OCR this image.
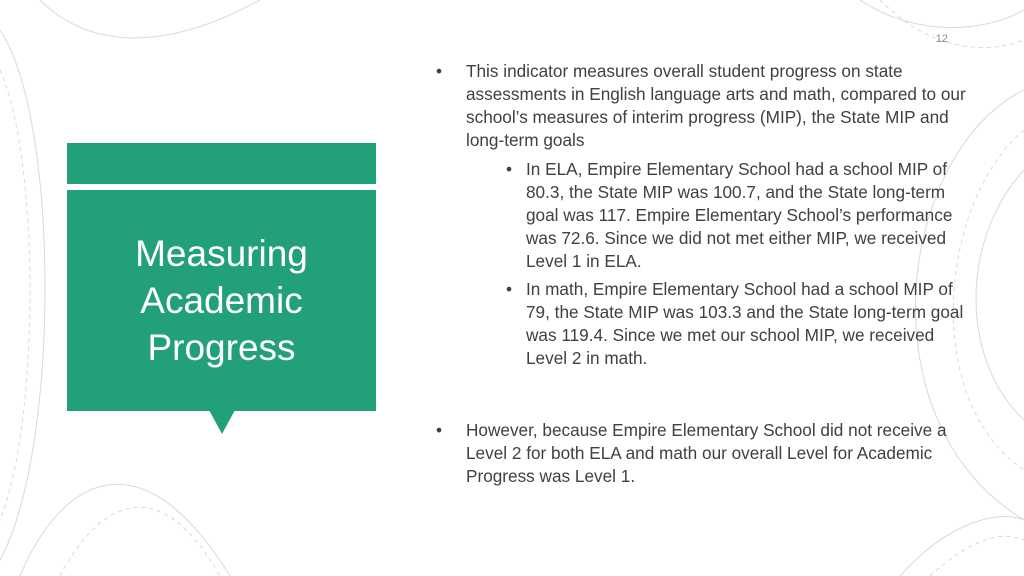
12
Measuring Academic Progress
• This indicator measures overall student progress on state assessments in English language arts and math, compared to our school’s measures of interim progress (MIP), the State MIP and long-term goals
• In ELA, Empire Elementary School had a school MIP of 80.3, the State MIP was 100.7, and the State long-term goal was 117. Empire Elementary School’s performance was 72.6. Since we did not met either MIP, we received Level 1 in ELA.
• In math, Empire Elementary School had a school MIP of 79, the State MIP was 103.3 and the State long-term goal was 119.4. Since we met our school MIP, we received Level 2 in math.
• However, because Empire Elementary School did not receive a Level 2 for both ELA and math our overall Level for Academic Progress was Level 1.
